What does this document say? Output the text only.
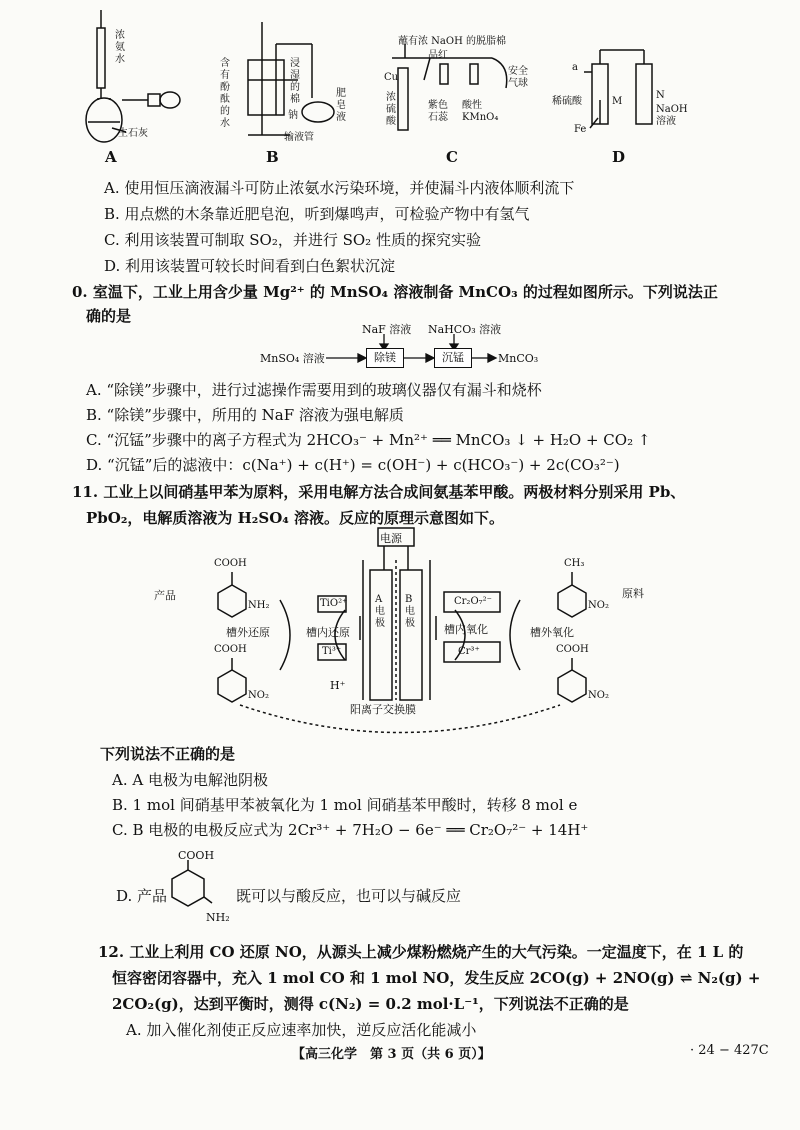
浓氨水
生石灰
A
含有酚酞的水
浸湿的棉
钠
输液管
肥皂液
B
蘸有浓 NaOH 的脱脂棉
品红
Cu
浓硫酸
紫色石蕊
酸性KMnO₄
安全气球
C
a
稀硫酸	M
N
NaOH溶液
Fe
D
A. 使用恒压滴液漏斗可防止浓氨水污染环境，并使漏斗内液体顺利流下
B. 用点燃的木条靠近肥皂泡，听到爆鸣声，可检验产物中有氢气
C. 利用该装置可制取 SO₂，并进行 SO₂ 性质的探究实验
D. 利用该装置可较长时间看到白色絮状沉淀
0. 室温下，工业上用含少量 Mg²⁺ 的 MnSO₄ 溶液制备 MnCO₃ 的过程如图所示。下列说法正
确的是
MnSO₄ 溶液	除镁	沉锰	MnCO₃
NaF 溶液 NaHCO₃ 溶液
A. “除镁”步骤中，进行过滤操作需要用到的玻璃仪器仅有漏斗和烧杯
B. “除镁”步骤中，所用的 NaF 溶液为强电解质
C. “沉锰”步骤中的离子方程式为 2HCO₃⁻ + Mn²⁺ ══ MnCO₃ ↓ + H₂O + CO₂ ↑
D. “沉锰”后的滤液中：c(Na⁺) + c(H⁺) = c(OH⁻) + c(HCO₃⁻) + 2c(CO₃²⁻)
11. 工业上以间硝基甲苯为原料，采用电解方法合成间氨基苯甲酸。两极材料分别采用 Pb、
PbO₂，电解质溶液为 H₂SO₄ 溶液。反应的原理示意图如下。
电源
A电极
B电极
阳离子交换膜
产品	原料
槽外还原	槽内还原	槽内氧化	槽外氧化
TiO²⁺
Ti³⁺
Cr₂O₇²⁻
Cr³⁺
H⁺
COOH
NH₂
COOH
NO₂
CH₃
NO₂
COOH
NO₂
下列说法不正确的是
A. A 电极为电解池阴极
B. 1 mol 间硝基甲苯被氧化为 1 mol 间硝基苯甲酸时，转移 8 mol e
C. B 电极的电极反应式为 2Cr³⁺ + 7H₂O − 6e⁻ ══ Cr₂O₇²⁻ + 14H⁺
COOH
NH₂
D. 产品	既可以与酸反应，也可以与碱反应
12. 工业上利用 CO 还原 NO，从源头上减少煤粉燃烧产生的大气污染。一定温度下，在 1 L 的
恒容密闭容器中，充入 1 mol CO 和 1 mol NO，发生反应 2CO(g) + 2NO(g) ⇌ N₂(g) +
2CO₂(g)，达到平衡时，测得 c(N₂) = 0.2 mol·L⁻¹，下列说法不正确的是
A. 加入催化剂使正反应速率加快，逆反应活化能减小
【高三化学　第 3 页（共 6 页）】	· 24 − 427C
